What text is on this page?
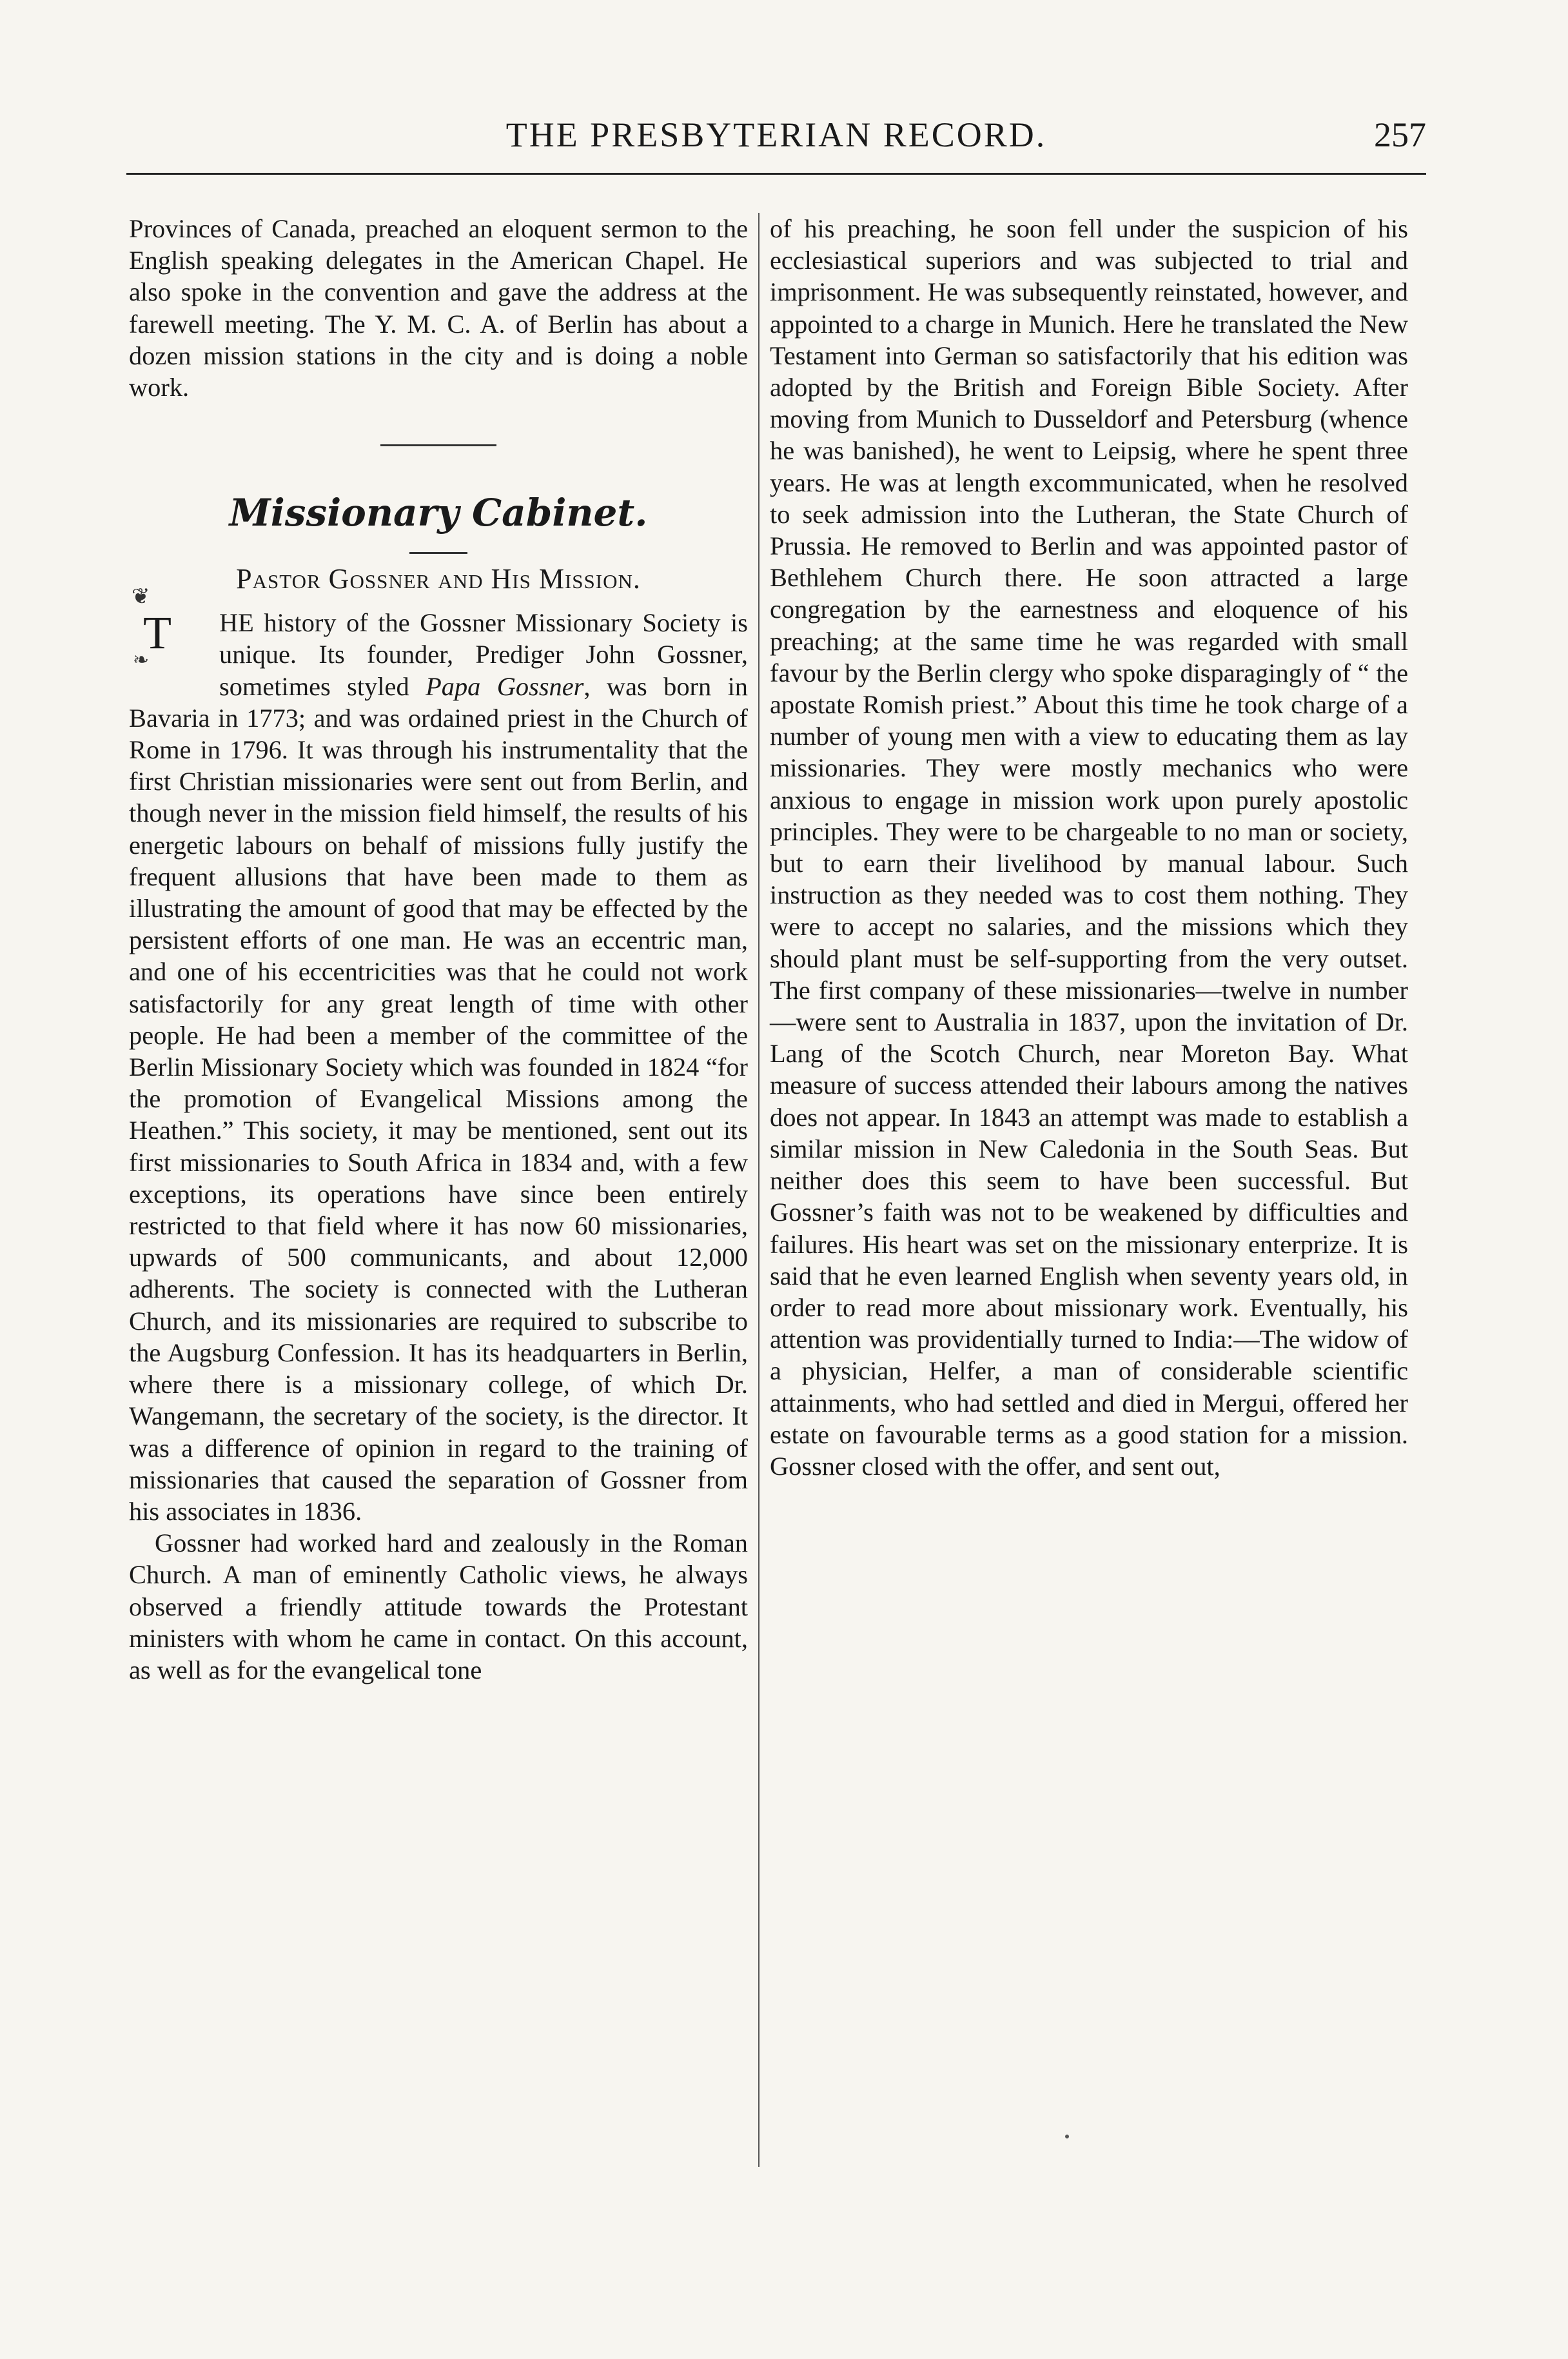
THE PRESBYTERIAN RECORD.	257

Provinces of Canada, preached an eloquent sermon to the English speaking delegates in the American Chapel. He also spoke in the convention and gave the address at the farewell meeting. The Y. M. C. A. of Berlin has about a dozen mission stations in the city and is doing a noble work.

Missionary Cabinet.

Pastor Gossner and His Mission.

❦
T
❧
HE history of the Gossner Missionary Society is unique. Its founder, Prediger John Gossner, sometimes styled Papa Gossner, was born in Bavaria in 1773; and was ordained priest in the Church of Rome in 1796. It was through his instrumentality that the first Christian missionaries were sent out from Berlin, and though never in the mission field himself, the results of his energetic labours on behalf of missions fully justify the frequent allusions that have been made to them as illustrating the amount of good that may be effected by the persistent efforts of one man. He was an eccentric man, and one of his eccentricities was that he could not work satisfactorily for any great length of time with other people. He had been a member of the committee of the Berlin Missionary Society which was founded in 1824 “for the promotion of Evangelical Missions among the Heathen.” This society, it may be mentioned, sent out its first missionaries to South Africa in 1834 and, with a few exceptions, its operations have since been entirely restricted to that field where it has now 60 missionaries, upwards of 500 communicants, and about 12,000 adherents. The society is connected with the Lutheran Church, and its missionaries are required to subscribe to the Augsburg Confession. It has its headquarters in Berlin, where there is a missionary college, of which Dr. Wangemann, the secretary of the society, is the director. It was a difference of opinion in regard to the training of missionaries that caused the separation of Gossner from his associates in 1836.

Gossner had worked hard and zealously in the Roman Church. A man of eminently Catholic views, he always observed a friendly attitude towards the Protestant ministers with whom he came in contact. On this account, as well as for the evangelical tone

of his preaching, he soon fell under the suspicion of his ecclesiastical superiors and was subjected to trial and imprisonment. He was subsequently reinstated, however, and appointed to a charge in Munich. Here he translated the New Testament into German so satisfactorily that his edition was adopted by the British and Foreign Bible Society. After moving from Munich to Dusseldorf and Petersburg (whence he was banished), he went to Leipsig, where he spent three years. He was at length excommunicated, when he resolved to seek admission into the Lutheran, the State Church of Prussia. He removed to Berlin and was appointed pastor of Bethlehem Church there. He soon attracted a large congregation by the earnestness and eloquence of his preaching; at the same time he was regarded with small favour by the Berlin clergy who spoke disparagingly of “ the apostate Romish priest.” About this time he took charge of a number of young men with a view to educating them as lay missionaries. They were mostly mechanics who were anxious to engage in mission work upon purely apostolic principles. They were to be chargeable to no man or society, but to earn their livelihood by manual labour. Such instruction as they needed was to cost them nothing. They were to accept no salaries, and the missions which they should plant must be self-supporting from the very outset. The first company of these missionaries—twelve in number—were sent to Australia in 1837, upon the invitation of Dr. Lang of the Scotch Church, near Moreton Bay. What measure of success attended their labours among the natives does not appear. In 1843 an attempt was made to establish a similar mission in New Caledonia in the South Seas. But neither does this seem to have been successful. But Gossner’s faith was not to be weakened by difficulties and failures. His heart was set on the missionary enterprize. It is said that he even learned English when seventy years old, in order to read more about missionary work. Eventually, his attention was providentially turned to India:—The widow of a physician, Helfer, a man of considerable scientific attainments, who had settled and died in Mergui, offered her estate on favourable terms as a good station for a mission. Gossner closed with the offer, and sent out,
